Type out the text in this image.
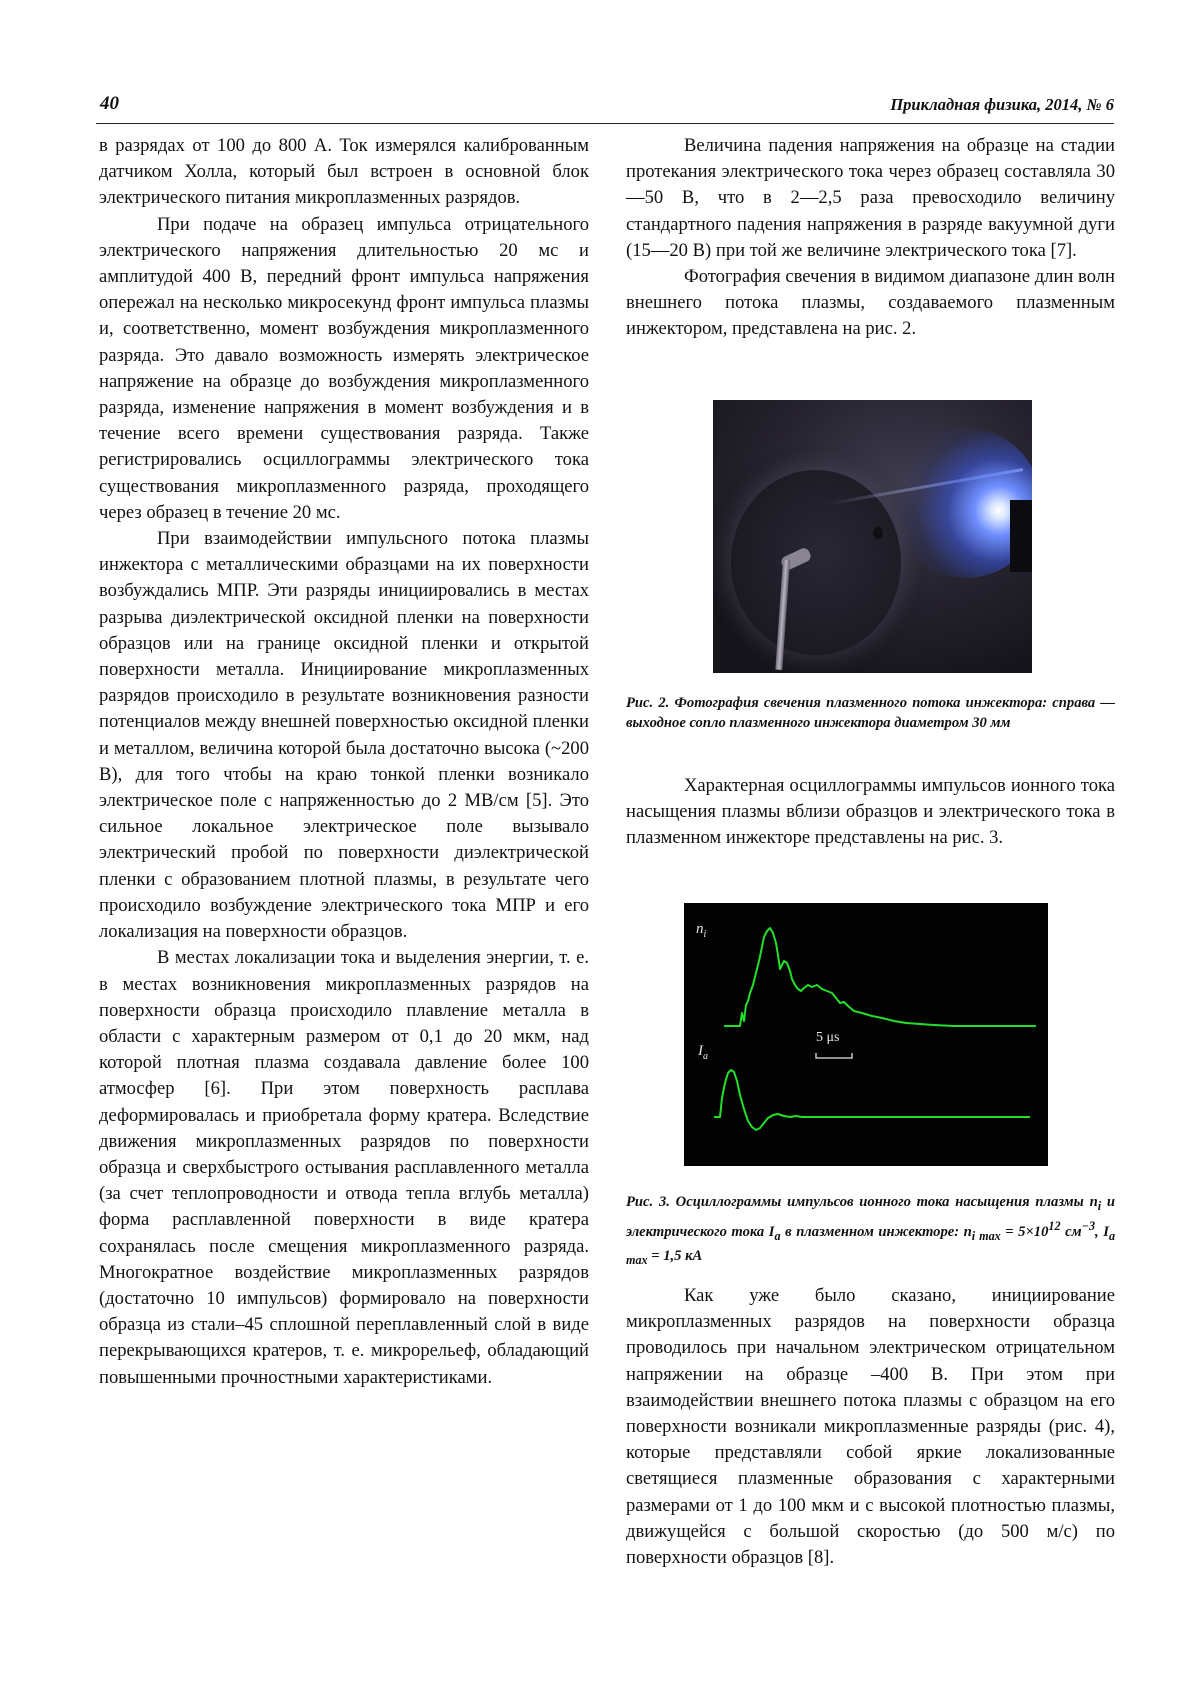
40	Прикладная физика, 2014, № 6

в разрядах от 100 до 800 А. Ток измерялся калиброванным датчиком Холла, который был встроен в основной блок электрического питания микроплазменных разрядов.

При подаче на образец импульса отрицательного электрического напряжения длительностью 20 мс и амплитудой 400 В, передний фронт импульса напряжения опережал на несколько микросекунд фронт импульса плазмы и, соответственно, момент возбуждения микроплазменного разряда. Это давало возможность измерять электрическое напряжение на образце до возбуждения микроплазменного разряда, изменение напряжения в момент возбуждения и в течение всего времени существования разряда. Также регистрировались осциллограммы электрического тока существования микроплазменного разряда, проходящего через образец в течение 20 мс.

При взаимодействии импульсного потока плазмы инжектора с металлическими образцами на их поверхности возбуждались МПР. Эти разряды инициировались в местах разрыва диэлектрической оксидной пленки на поверхности образцов или на границе оксидной пленки и открытой поверхности металла. Инициирование микроплазменных разрядов происходило в результате возникновения разности потенциалов между внешней поверхностью оксидной пленки и металлом, величина которой была достаточно высока (~200 В), для того чтобы на краю тонкой пленки возникало электрическое поле с напряженностью до 2 МВ/см [5]. Это сильное локальное электрическое поле вызывало электрический пробой по поверхности диэлектрической пленки с образованием плотной плазмы, в результате чего происходило возбуждение электрического тока МПР и его локализация на поверхности образцов.

В местах локализации тока и выделения энергии, т. е. в местах возникновения микроплазменных разрядов на поверхности образца происходило плавление металла в области с характерным размером от 0,1 до 20 мкм, над которой плотная плазма создавала давление более 100 атмосфер [6]. При этом поверхность расплава деформировалась и приобретала форму кратера. Вследствие движения микроплазменных разрядов по поверхности образца и сверхбыстрого остывания расплавленного металла (за счет теплопроводности и отвода тепла вглубь металла) форма расплавленной поверхности в виде кратера сохранялась после смещения микроплазменного разряда. Многократное воздействие микроплазменных разрядов (достаточно 10 импульсов) формировало на поверхности образца из стали–45 сплошной переплавленный слой в виде перекрывающихся кратеров, т. е. микрорельеф, обладающий повышенными прочностными характеристиками.

Величина падения напряжения на образце на стадии протекания электрического тока через образец составляла 30—50 В, что в 2—2,5 раза превосходило величину стандартного падения напряжения в разряде вакуумной дуги (15—20 В) при той же величине электрического тока [7].

Фотография свечения в видимом диапазоне длин волн внешнего потока плазмы, создаваемого плазменным инжектором, представлена на рис. 2.

Рис. 2. Фотография свечения плазменного потока инжектора: справа — выходное сопло плазменного инжектора диаметром 30 мм

Характерная осциллограммы импульсов ионного тока насыщения плазмы вблизи образцов и электрического тока в плазменном инжекторе представлены на рис. 3.

$n_i$
$I_a$
5 μs
Рис. 3. Осциллограммы импульсов ионного тока насыщения плазмы $n_i$ и электрического тока $I_a$ в плазменном инжекторе: $n_{i max} = 5\times 10^{12}$ $см^{-3}$, $I_{a max} = 1,5$ кА

Как уже было сказано, инициирование микроплазменных разрядов на поверхности образца проводилось при начальном электрическом отрицательном напряжении на образце –400 В. При этом при взаимодействии внешнего потока плазмы с образцом на его поверхности возникали микроплазменные разряды (рис. 4), которые представляли собой яркие локализованные светящиеся плазменные образования с характерными размерами от 1 до 100 мкм и с высокой плотностью плазмы, движущейся с большой скоростью (до 500 м/с) по поверхности образцов [8].
